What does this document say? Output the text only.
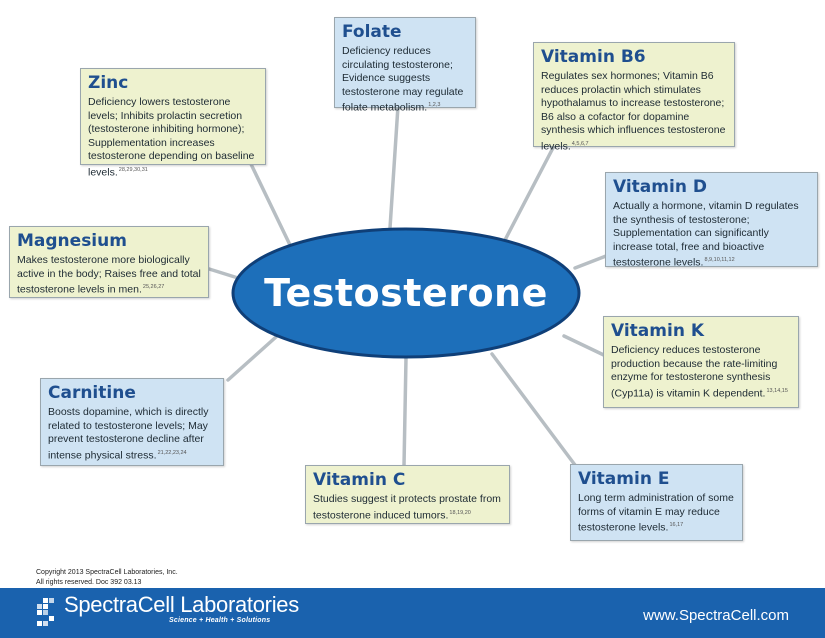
Testosterone
Zinc
Deficiency lowers testosterone levels; Inhibits prolactin secretion (testosterone inhibiting hormone); Supplementation increases testosterone depending on baseline levels.$^{28,29,30,31}$
Folate
Deficiency reduces circulating testosterone; Evidence suggests testosterone may regulate folate metabolism.$^{1,2,3}$
Vitamin B6
Regulates sex hormones; Vitamin B6 reduces prolactin which stimulates hypothalamus to increase testosterone; B6 also a cofactor for dopamine synthesis which influences testosterone levels.$^{4,5,6,7}$
Vitamin D
Actually a hormone, vitamin D regulates the synthesis of testosterone; Supplementation can significantly increase total, free and bioactive testosterone levels.$^{8,9,10,11,12}$
Magnesium
Makes testosterone more biologically active in the body; Raises free and total testosterone levels in men.$^{25,26,27}$
Vitamin K
Deficiency reduces testosterone production because the rate-limiting enzyme for testosterone synthesis (Cyp11a) is vitamin K dependent.$^{13,14,15}$
Carnitine
Boosts dopamine, which is directly related to testosterone levels; May prevent testosterone decline after intense physical stress.$^{21,22,23,24}$
Vitamin C
Studies suggest it protects prostate from testosterone induced tumors.$^{18,19,20}$
Vitamin E
Long term administration of some forms of vitamin E may reduce testosterone levels.$^{16,17}$
Copyright 2013 SpectraCell Laboratories, Inc.
All rights reserved. Doc 392 03.13
SpectraCell Laboratories
Science + Health + Solutions	www.SpectraCell.com
